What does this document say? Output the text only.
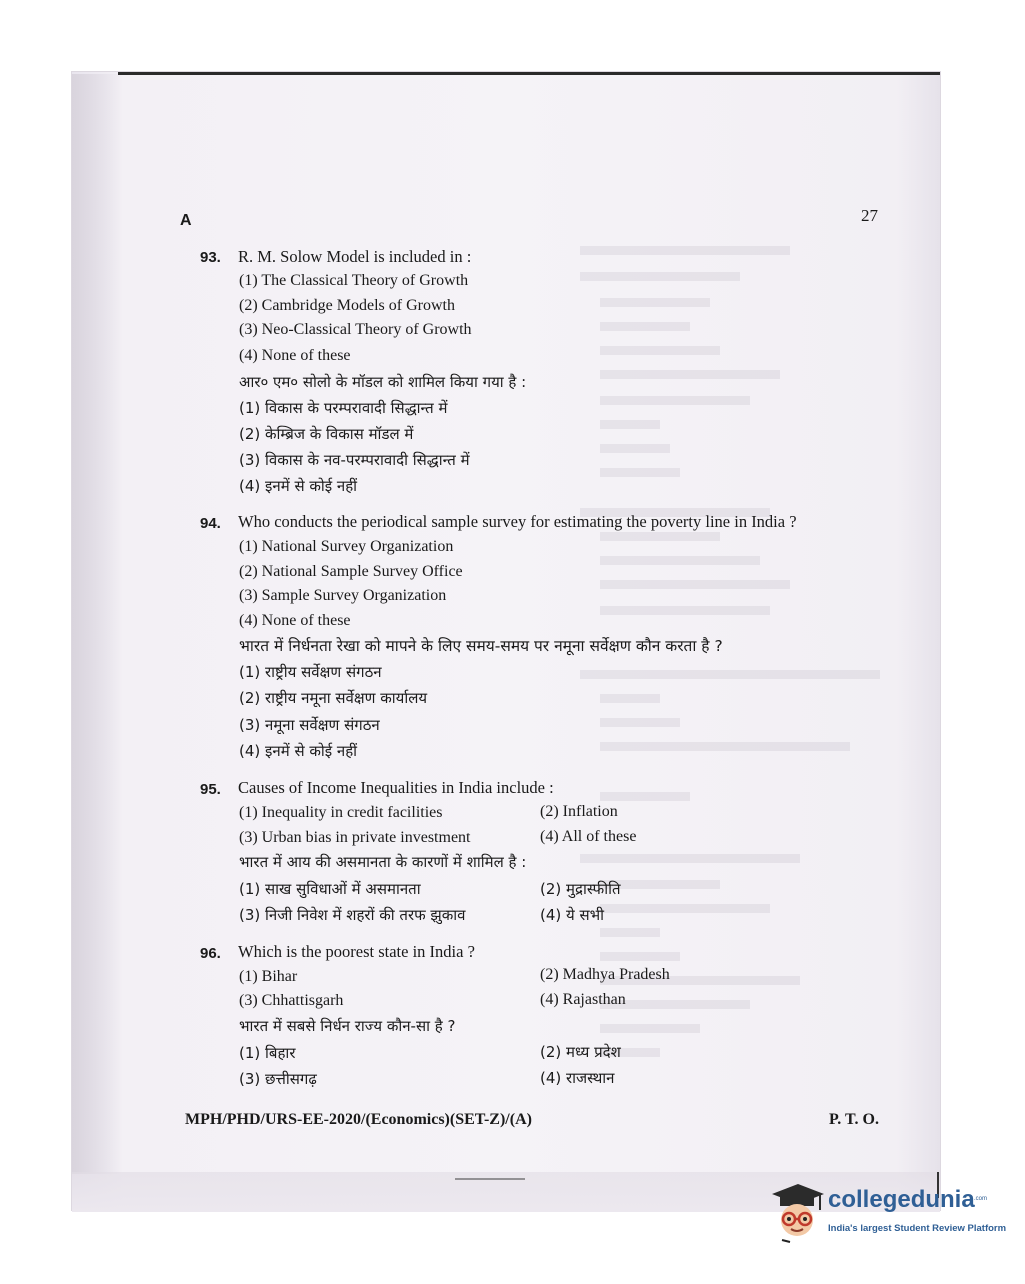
A	27
93. R. M. Solow Model is included in :
(1) The Classical Theory of Growth
(2) Cambridge Models of Growth
(3) Neo-Classical Theory of Growth
(4) None of these
आर० एम० सोलो के मॉडल को शामिल किया गया है :
(1) विकास के परम्परावादी सिद्धान्त में
(2) केम्ब्रिज के विकास मॉडल में
(3) विकास के नव-परम्परावादी सिद्धान्त में
(4) इनमें से कोई नहीं
94. Who conducts the periodical sample survey for estimating the poverty line in India ?
(1) National Survey Organization
(2) National Sample Survey Office
(3) Sample Survey Organization
(4) None of these
भारत में निर्धनता रेखा को मापने के लिए समय-समय पर नमूना सर्वेक्षण कौन करता है ?
(1) राष्ट्रीय सर्वेक्षण संगठन
(2) राष्ट्रीय नमूना सर्वेक्षण कार्यालय
(3) नमूना सर्वेक्षण संगठन
(4) इनमें से कोई नहीं
95. Causes of Income Inequalities in India include :
(1) Inequality in credit facilities	(2) Inflation
(3) Urban bias in private investment	(4) All of these
भारत में आय की असमानता के कारणों में शामिल है :
(1) साख सुविधाओं में असमानता	(2) मुद्रास्फीति
(3) निजी निवेश में शहरों की तरफ झुकाव	(4) ये सभी
96. Which is the poorest state in India ?
(1) Bihar	(2) Madhya Pradesh
(3) Chhattisgarh	(4) Rajasthan
भारत में सबसे निर्धन राज्य कौन-सा है ?
(1) बिहार	(2) मध्य प्रदेश
(3) छत्तीसगढ़	(4) राजस्थान
MPH/PHD/URS-EE-2020/(Economics)(SET-Z)/(A)	P. T. O.
collegedunia .com
India's largest Student Review Platform
